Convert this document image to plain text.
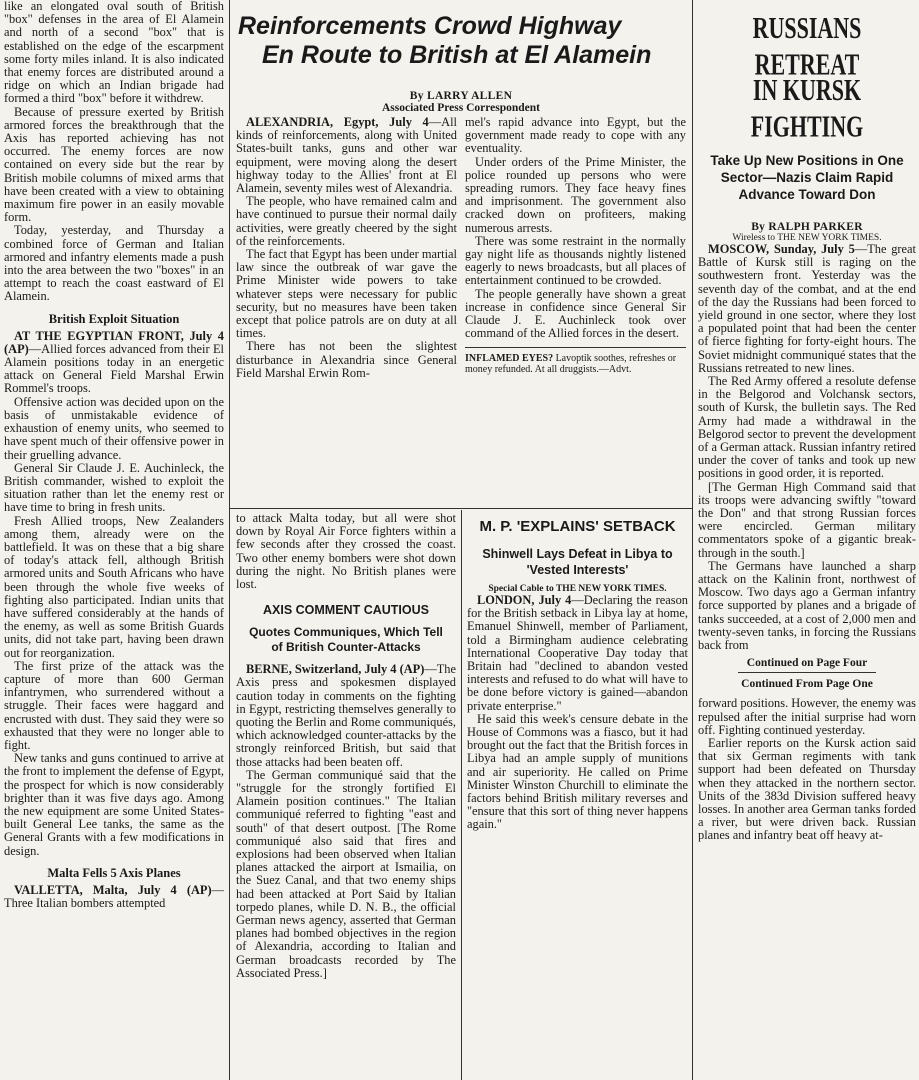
like an elongated oval south of British "box" defenses in the area of El Alamein and north of a second "box" that is established on the edge of the escarpment some forty miles inland. It is also indicated that enemy forces are distributed around a ridge on which an Indian brigade had formed a third "box" before it withdrew.

Because of pressure exerted by British armored forces the breakthrough that the Axis has reported achieving has not occurred. The enemy forces are now contained on every side but the rear by British mobile columns of mixed arms that have been created with a view to obtaining maximum fire power in an easily movable form.

Today, yesterday, and Thursday a combined force of German and Italian armored and infantry elements made a push into the area between the two "boxes" in an attempt to reach the coast eastward of El Alamein.

British Exploit Situation

AT THE EGYPTIAN FRONT, July 4 (AP)—Allied forces advanced from their El Alamein positions today in an energetic attack on General Field Marshal Erwin Rommel's troops.

Offensive action was decided upon on the basis of unmistakable evidence of exhaustion of enemy units, who seemed to have spent much of their offensive power in their gruelling advance.

General Sir Claude J. E. Auchinleck, the British commander, wished to exploit the situation rather than let the enemy rest or have time to bring in fresh units.

Fresh Allied troops, New Zealanders among them, already were on the battlefield. It was on these that a big share of today's attack fell, although British armored units and South Africans who have been through the whole five weeks of fighting also participated. Indian units that have suffered considerably at the hands of the enemy, as well as some British Guards units, did not take part, having been drawn out for reorganization.

The first prize of the attack was the capture of more than 600 German infantrymen, who surrendered without a struggle. Their faces were haggard and encrusted with dust. They said they were so exhausted that they were no longer able to fight.

New tanks and guns continued to arrive at the front to implement the defense of Egypt, the prospect for which is now considerably brighter than it was five days ago. Among the new equipment are some United States-built General Lee tanks, the same as the General Grants with a few modifications in design.

Malta Fells 5 Axis Planes

VALLETTA, Malta, July 4 (AP)—Three Italian bombers attempted

Reinforcements Crowd Highway
En Route to British at El Alamein
By LARRY ALLEN
Associated Press Correspondent

ALEXANDRIA, Egypt, July 4—All kinds of reinforcements, along with United States-built tanks, guns and other war equipment, were moving along the desert highway today to the Allies' front at El Alamein, seventy miles west of Alexandria.

The people, who have remained calm and have continued to pursue their normal daily activities, were greatly cheered by the sight of the reinforcements.

The fact that Egypt has been under martial law since the outbreak of war gave the Prime Minister wide powers to take whatever steps were necessary for public security, but no measures have been taken except that police patrols are on duty at all times.

There has not been the slightest disturbance in Alexandria since General Field Marshal Erwin Rom-

mel's rapid advance into Egypt, but the government made ready to cope with any eventuality.

Under orders of the Prime Minister, the police rounded up persons who were spreading rumors. They face heavy fines and imprisonment. The government also cracked down on profiteers, making numerous arrests.

There was some restraint in the normally gay night life as thousands nightly listened eagerly to news broadcasts, but all places of entertainment continued to be crowded.

The people generally have shown a great increase in confidence since General Sir Claude J. E. Auchinleck took over command of the Allied forces in the desert.

INFLAMED EYES? Lavoptik soothes, refreshes or money refunded. At all druggists.—Advt.

to attack Malta today, but all were shot down by Royal Air Force fighters within a few seconds after they crossed the coast. Two other enemy bombers were shot down during the night. No British planes were lost.

AXIS COMMENT CAUTIOUS
Quotes Communiques, Which Tell of British Counter-Attacks

BERNE, Switzerland, July 4 (AP)—The Axis press and spokesmen displayed caution today in comments on the fighting in Egypt, restricting themselves generally to quoting the Berlin and Rome communiqués, which acknowledged counter-attacks by the strongly reinforced British, but said that those attacks had been beaten off.

The German communiqué said that the "struggle for the strongly fortified El Alamein position continues." The Italian communiqué referred to fighting "east and south" of that desert outpost. [The Rome communiqué also said that fires and explosions had been observed when Italian planes attacked the airport at Ismailia, on the Suez Canal, and that two enemy ships had been attacked at Port Said by Italian torpedo planes, while D. N. B., the official German news agency, asserted that German planes had bombed objectives in the region of Alexandria, according to Italian and German broadcasts recorded by The Associated Press.]

M. P. 'EXPLAINS' SETBACK
Shinwell Lays Defeat in Libya to 'Vested Interests'
Special Cable to THE NEW YORK TIMES.

LONDON, July 4—Declaring the reason for the British setback in Libya lay at home, Emanuel Shinwell, member of Parliament, told a Birmingham audience celebrating International Cooperative Day today that Britain had "declined to abandon vested interests and refused to do what will have to be done before victory is gained—abandon private enterprise."

He said this week's censure debate in the House of Commons was a fiasco, but it had brought out the fact that the British forces in Libya had an ample supply of munitions and air superiority. He called on Prime Minister Winston Churchill to eliminate the factors behind British military reverses and "ensure that this sort of thing never happens again."

RUSSIANS RETREAT
IN KURSK FIGHTING
Take Up New Positions in One Sector—Nazis Claim Rapid Advance Toward Don
By RALPH PARKER
Wireless to THE NEW YORK TIMES.

MOSCOW, Sunday, July 5—The great Battle of Kursk still is raging on the southwestern front. Yesterday was the seventh day of the combat, and at the end of the day the Russians had been forced to yield ground in one sector, where they lost a populated point that had been the center of fierce fighting for forty-eight hours. The Soviet midnight communiqué states that the Russians retreated to new lines.

The Red Army offered a resolute defense in the Belgorod and Volchansk sectors, south of Kursk, the bulletin says. The Red Army had made a withdrawal in the Belgorod sector to prevent the development of a German attack. Russian infantry retired under the cover of tanks and took up new positions in good order, it is reported.

[The German High Command said that its troops were advancing swiftly "toward the Don" and that strong Russian forces were encircled. German military commentators spoke of a gigantic break-through in the south.]

The Germans have launched a sharp attack on the Kalinin front, northwest of Moscow. Two days ago a German infantry force supported by planes and a brigade of tanks succeeded, at a cost of 2,000 men and twenty-seven tanks, in forcing the Russians back from

Continued on Page Four
Continued From Page One

forward positions. However, the enemy was repulsed after the initial surprise had worn off. Fighting continued yesterday.

Earlier reports on the Kursk action said that six German regiments with tank support had been defeated on Thursday when they attacked in the northern sector. Units of the 383d Division suffered heavy losses. In another area German tanks forded a river, but were driven back. Russian planes and infantry beat off heavy at-
